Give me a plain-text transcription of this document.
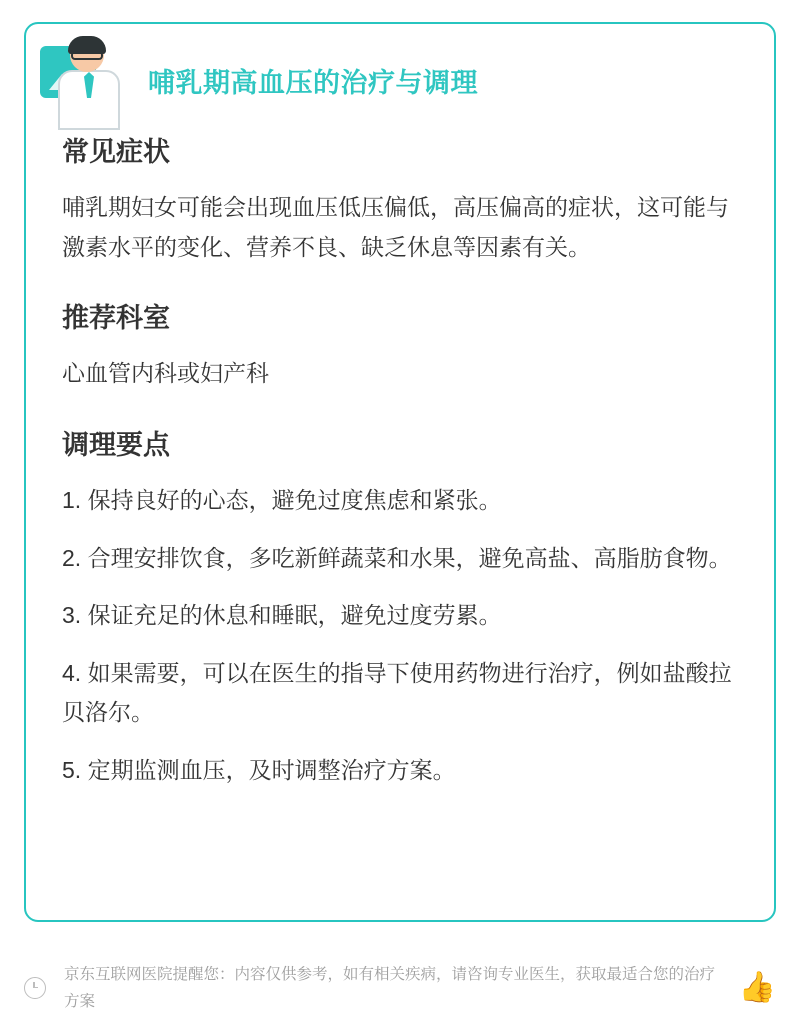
哺乳期高血压的治疗与调理
常见症状

哺乳期妇女可能会出现血压低压偏低，高压偏高的症状，这可能与激素水平的变化、营养不良、缺乏休息等因素有关。

推荐科室

心血管内科或妇产科

调理要点
1. 保持良好的心态，避免过度焦虑和紧张。
2. 合理安排饮食，多吃新鲜蔬菜和水果，避免高盐、高脂肪食物。
3. 保证充足的休息和睡眠，避免过度劳累。
4. 如果需要，可以在医生的指导下使用药物进行治疗，例如盐酸拉贝洛尔。
5. 定期监测血压，及时调整治疗方案。
京东互联网医院提醒您：内容仅供参考，如有相关疾病，请咨询专业医生，获取最适合您的治疗方案	👍
